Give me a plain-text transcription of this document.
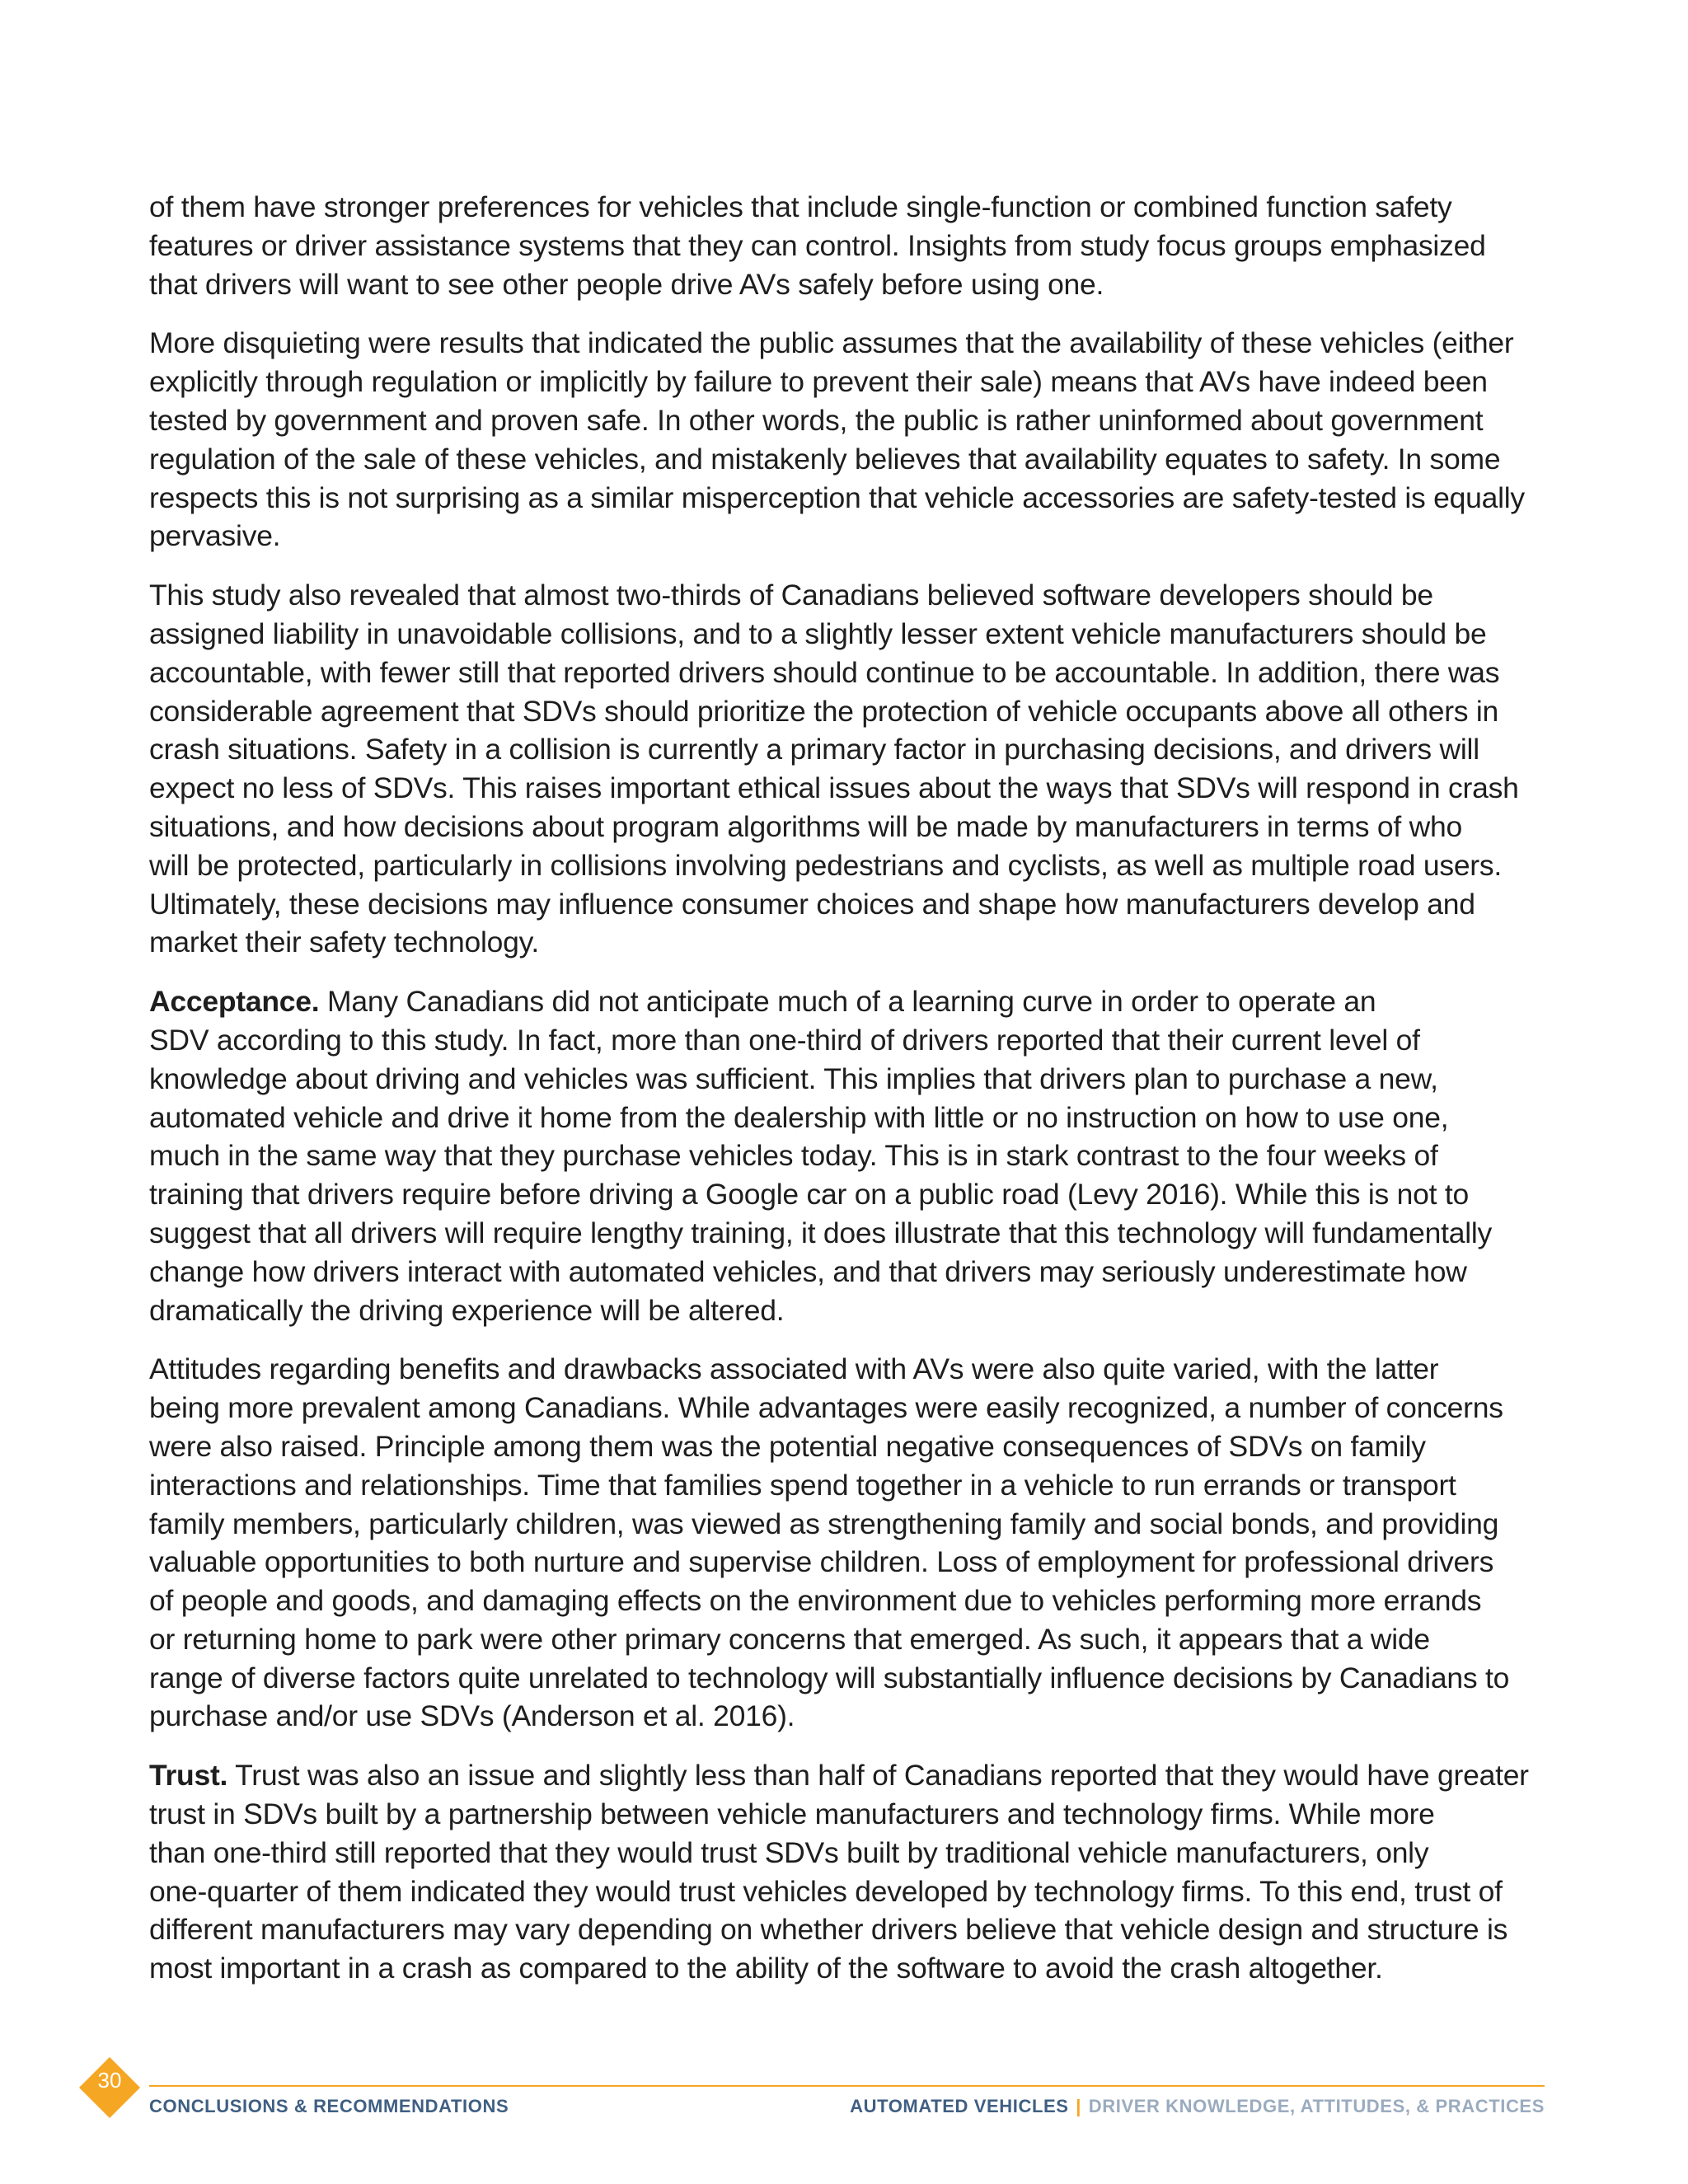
of them have stronger preferences for vehicles that include single-function or combined function safety
features or driver assistance systems that they can control. Insights from study focus groups emphasized
that drivers will want to see other people drive AVs safely before using one.

More disquieting were results that indicated the public assumes that the availability of these vehicles (either
explicitly through regulation or implicitly by failure to prevent their sale) means that AVs have indeed been
tested by government and proven safe. In other words, the public is rather uninformed about government
regulation of the sale of these vehicles, and mistakenly believes that availability equates to safety. In some
respects this is not surprising as a similar misperception that vehicle accessories are safety-tested is equally
pervasive.

This study also revealed that almost two-thirds of Canadians believed software developers should be
assigned liability in unavoidable collisions, and to a slightly lesser extent vehicle manufacturers should be
accountable, with fewer still that reported drivers should continue to be accountable. In addition, there was
considerable agreement that SDVs should prioritize the protection of vehicle occupants above all others in
crash situations. Safety in a collision is currently a primary factor in purchasing decisions, and drivers will
expect no less of SDVs. This raises important ethical issues about the ways that SDVs will respond in crash
situations, and how decisions about program algorithms will be made by manufacturers in terms of who
will be protected, particularly in collisions involving pedestrians and cyclists, as well as multiple road users.
Ultimately, these decisions may influence consumer choices and shape how manufacturers develop and
market their safety technology.

Acceptance. Many Canadians did not anticipate much of a learning curve in order to operate an
SDV according to this study. In fact, more than one-third of drivers reported that their current level of
knowledge about driving and vehicles was sufficient. This implies that drivers plan to purchase a new,
automated vehicle and drive it home from the dealership with little or no instruction on how to use one,
much in the same way that they purchase vehicles today. This is in stark contrast to the four weeks of
training that drivers require before driving a Google car on a public road (Levy 2016). While this is not to
suggest that all drivers will require lengthy training, it does illustrate that this technology will fundamentally
change how drivers interact with automated vehicles, and that drivers may seriously underestimate how
dramatically the driving experience will be altered.

Attitudes regarding benefits and drawbacks associated with AVs were also quite varied, with the latter
being more prevalent among Canadians. While advantages were easily recognized, a number of concerns
were also raised. Principle among them was the potential negative consequences of SDVs on family
interactions and relationships. Time that families spend together in a vehicle to run errands or transport
family members, particularly children, was viewed as strengthening family and social bonds, and providing
valuable opportunities to both nurture and supervise children. Loss of employment for professional drivers
of people and goods, and damaging effects on the environment due to vehicles performing more errands
or returning home to park were other primary concerns that emerged. As such, it appears that a wide
range of diverse factors quite unrelated to technology will substantially influence decisions by Canadians to
purchase and/or use SDVs (Anderson et al. 2016).

Trust. Trust was also an issue and slightly less than half of Canadians reported that they would have greater
trust in SDVs built by a partnership between vehicle manufacturers and technology firms. While more
than one-third still reported that they would trust SDVs built by traditional vehicle manufacturers, only
one-quarter of them indicated they would trust vehicles developed by technology firms. To this end, trust of
different manufacturers may vary depending on whether drivers believe that vehicle design and structure is
most important in a crash as compared to the ability of the software to avoid the crash altogether.

30
CONCLUSIONS & RECOMMENDATIONS	AUTOMATED VEHICLES | DRIVER KNOWLEDGE, ATTITUDES, & PRACTICES
